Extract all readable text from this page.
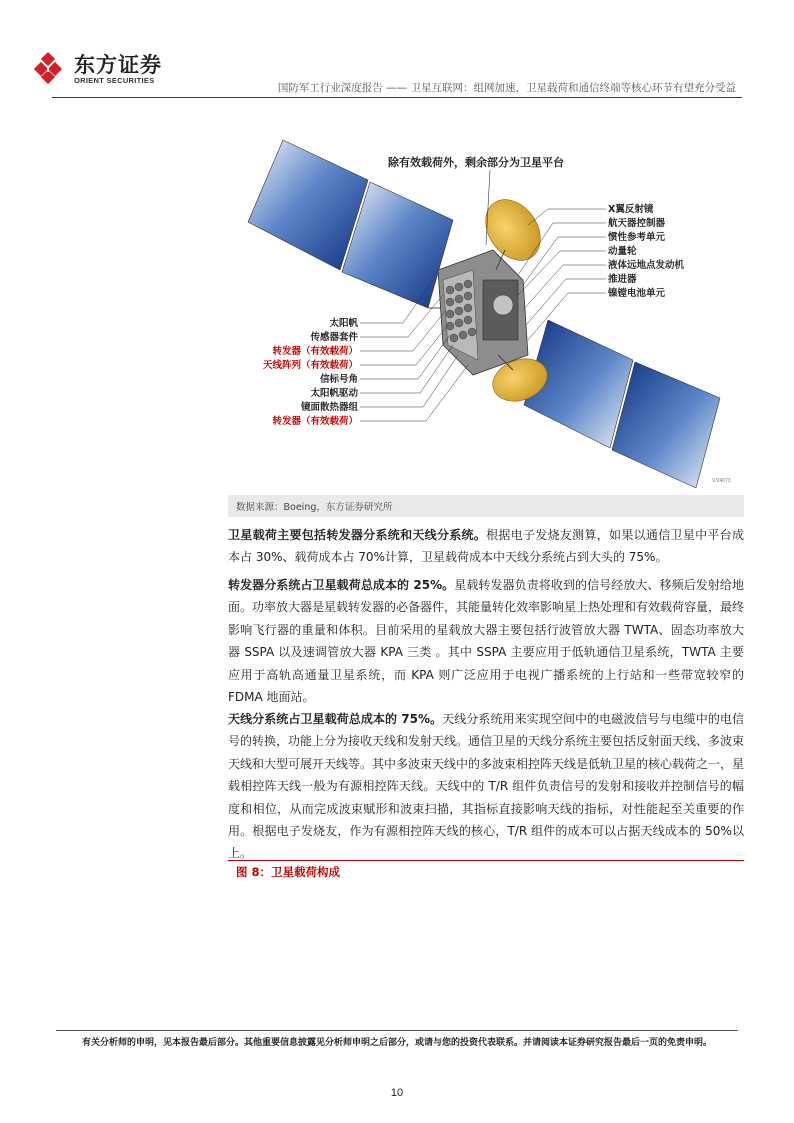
东方证券
ORIENT SECURITIES
国防军工行业深度报告 —— 卫星互联网：组网加速，卫星载荷和通信终端等核心环节有望充分受益
除有效载荷外，剩余部分为卫星平台
X翼反射镜
航天器控制器
惯性参考单元
动量轮
液体远地点发动机
推进器
镍镗电池单元
太阳帆
传感器套件
转发器（有效载荷）
天线阵列（有效载荷）
信标号角
太阳帆驱动
镜面散热器组
转发器（有效载荷）
V/24073
数据来源：Boeing，东方证券研究所
卫星载荷主要包括转发器分系统和天线分系统。根据电子发烧友测算，如果以通信卫星中平台成本占 30%、载荷成本占 70%计算，卫星载荷成本中天线分系统占到大头的 75%。
转发器分系统占卫星载荷总成本的 25%。星载转发器负责将收到的信号经放大、移频后发射给地面。功率放大器是星载转发器的必备器件，其能量转化效率影响星上热处理和有效载荷容量，最终影响飞行器的重量和体积。目前采用的星载放大器主要包括行波管放大器 TWTA、固态功率放大器 SSPA 以及速调管放大器 KPA 三类 。其中 SSPA 主要应用于低轨通信卫星系统，TWTA 主要应用于高轨高通量卫星系统，而 KPA 则广泛应用于电视广播系统的上行站和一些带宽较窄的 FDMA 地面站。
天线分系统占卫星载荷总成本的 75%。天线分系统用来实现空间中的电磁波信号与电缆中的电信号的转换，功能上分为接收天线和发射天线。通信卫星的天线分系统主要包括反射面天线、多波束天线和大型可展开天线等。其中多波束天线中的多波束相控阵天线是低轨卫星的核心载荷之一，星载相控阵天线一般为有源相控阵天线。天线中的 T/R 组件负责信号的发射和接收并控制信号的幅度和相位，从而完成波束赋形和波束扫描，其指标直接影响天线的指标，对性能起至关重要的作用。根据电子发烧友，作为有源相控阵天线的核心，T/R 组件的成本可以占据天线成本的 50%以上。
图 8：卫星载荷构成
有关分析师的申明，见本报告最后部分。其他重要信息披露见分析师申明之后部分，或请与您的投资代表联系。并请阅读本证券研究报告最后一页的免责申明。
10
